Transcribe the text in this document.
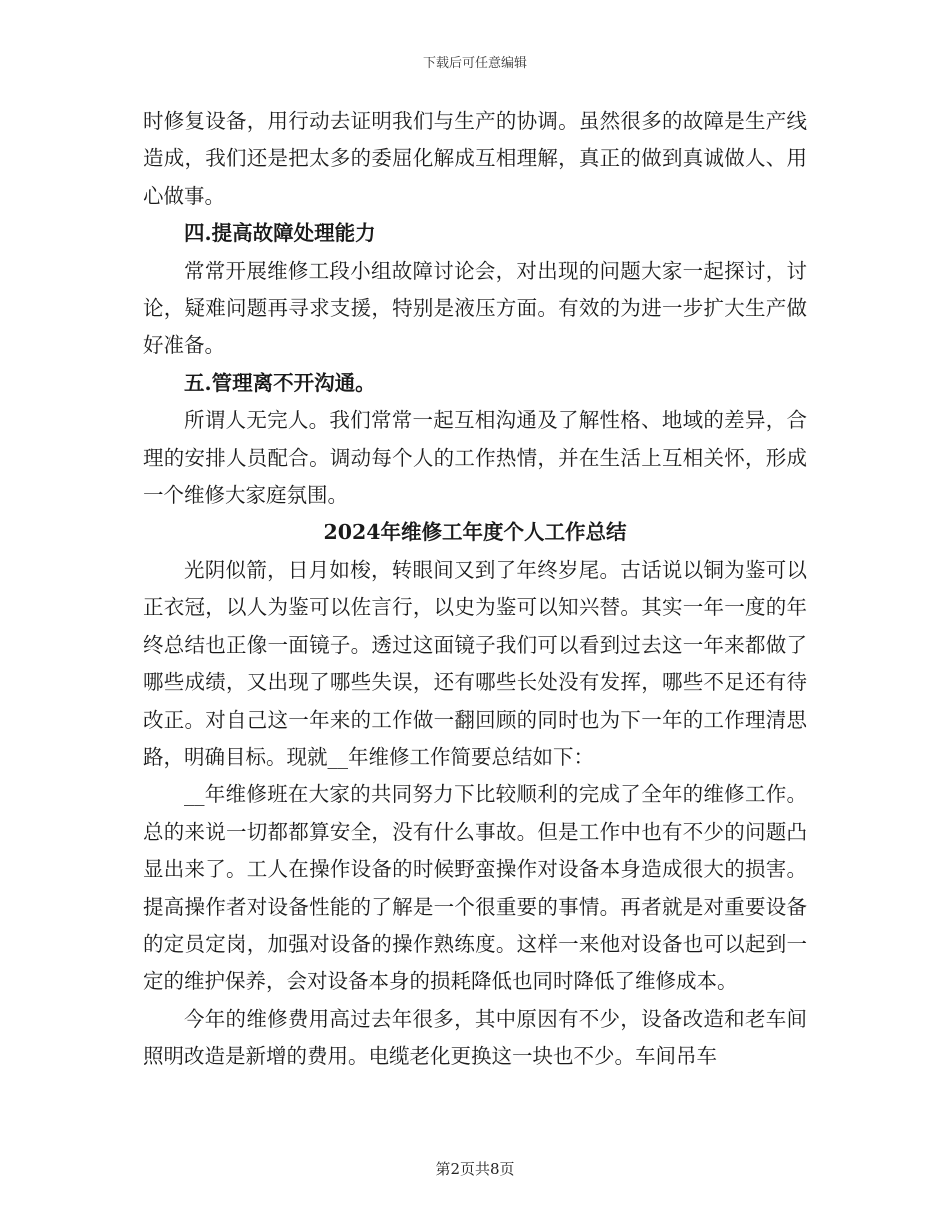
下载后可任意编辑

时修复设备，用行动去证明我们与生产的协调。虽然很多的故障是生产线造成，我们还是把太多的委屈化解成互相理解，真正的做到真诚做人、用心做事。

四.提高故障处理能力

常常开展维修工段小组故障讨论会，对出现的问题大家一起探讨，讨论，疑难问题再寻求支援，特别是液压方面。有效的为进一步扩大生产做好准备。

五.管理离不开沟通。

所谓人无完人。我们常常一起互相沟通及了解性格、地域的差异，合理的安排人员配合。调动每个人的工作热情，并在生活上互相关怀，形成一个维修大家庭氛围。

2024年维修工年度个人工作总结

光阴似箭，日月如梭，转眼间又到了年终岁尾。古话说以铜为鉴可以正衣冠，以人为鉴可以佐言行，以史为鉴可以知兴替。其实一年一度的年终总结也正像一面镜子。透过这面镜子我们可以看到过去这一年来都做了哪些成绩，又出现了哪些失误，还有哪些长处没有发挥，哪些不足还有待改正。对自己这一年来的工作做一翻回顾的同时也为下一年的工作理清思路，明确目标。现就__年维修工作简要总结如下：

__年维修班在大家的共同努力下比较顺利的完成了全年的维修工作。总的来说一切都都算安全，没有什么事故。但是工作中也有不少的问题凸显出来了。工人在操作设备的时候野蛮操作对设备本身造成很大的损害。提高操作者对设备性能的了解是一个很重要的事情。再者就是对重要设备的定员定岗，加强对设备的操作熟练度。这样一来他对设备也可以起到一定的维护保养，会对设备本身的损耗降低也同时降低了维修成本。

今年的维修费用高过去年很多，其中原因有不少，设备改造和老车间照明改造是新增的费用。电缆老化更换这一块也不少。车间吊车

第2页共8页
